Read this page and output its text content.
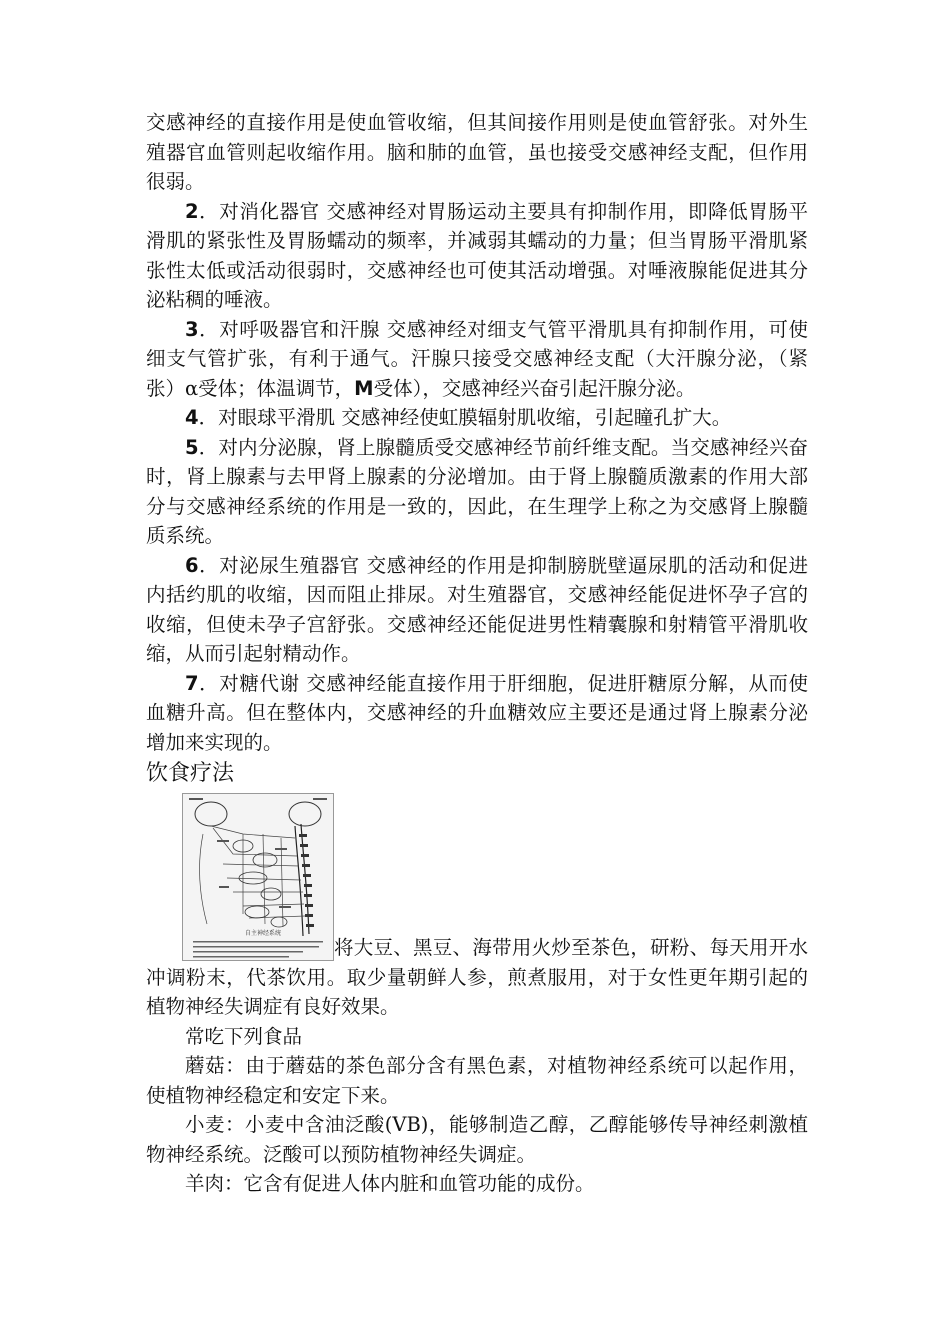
交感神经的直接作用是使血管收缩，但其间接作用则是使血管舒张。对外生殖器官血管则起收缩作用。脑和肺的血管，虽也接受交感神经支配，但作用很弱。

2．对消化器官 交感神经对胃肠运动主要具有抑制作用，即降低胃肠平滑肌的紧张性及胃肠蠕动的频率，并减弱其蠕动的力量；但当胃肠平滑肌紧张性太低或活动很弱时，交感神经也可使其活动增强。对唾液腺能促进其分泌粘稠的唾液。

3．对呼吸器官和汗腺 交感神经对细支气管平滑肌具有抑制作用，可使细支气管扩张，有利于通气。汗腺只接受交感神经支配（大汗腺分泌，（紧张）α受体；体温调节，M受体），交感神经兴奋引起汗腺分泌。

4．对眼球平滑肌 交感神经使虹膜辐射肌收缩，引起瞳孔扩大。

5．对内分泌腺，肾上腺髓质受交感神经节前纤维支配。当交感神经兴奋时，肾上腺素与去甲肾上腺素的分泌增加。由于肾上腺髓质激素的作用大部分与交感神经系统的作用是一致的，因此，在生理学上称之为交感肾上腺髓质系统。

6．对泌尿生殖器官 交感神经的作用是抑制膀胱壁逼尿肌的活动和促进内括约肌的收缩，因而阻止排尿。对生殖器官，交感神经能促进怀孕子宫的收缩，但使未孕子宫舒张。交感神经还能促进男性精囊腺和射精管平滑肌收缩，从而引起射精动作。

7．对糖代谢 交感神经能直接作用于肝细胞，促进肝糖原分解，从而使血糖升高。但在整体内，交感神经的升血糖效应主要还是通过肾上腺素分泌增加来实现的。

饮食疗法
自主神经系统

将大豆、黑豆、海带用火炒至茶色，研粉、每天用开水冲调粉末，代茶饮用。取少量朝鲜人参，煎煮服用，对于女性更年期引起的植物神经失调症有良好效果。

常吃下列食品

蘑菇：由于蘑菇的茶色部分含有黑色素，对植物神经系统可以起作用，使植物神经稳定和安定下来。

小麦：小麦中含油泛酸(VB)，能够制造乙醇，乙醇能够传导神经刺激植物神经系统。泛酸可以预防植物神经失调症。

羊肉：它含有促进人体内脏和血管功能的成份。
